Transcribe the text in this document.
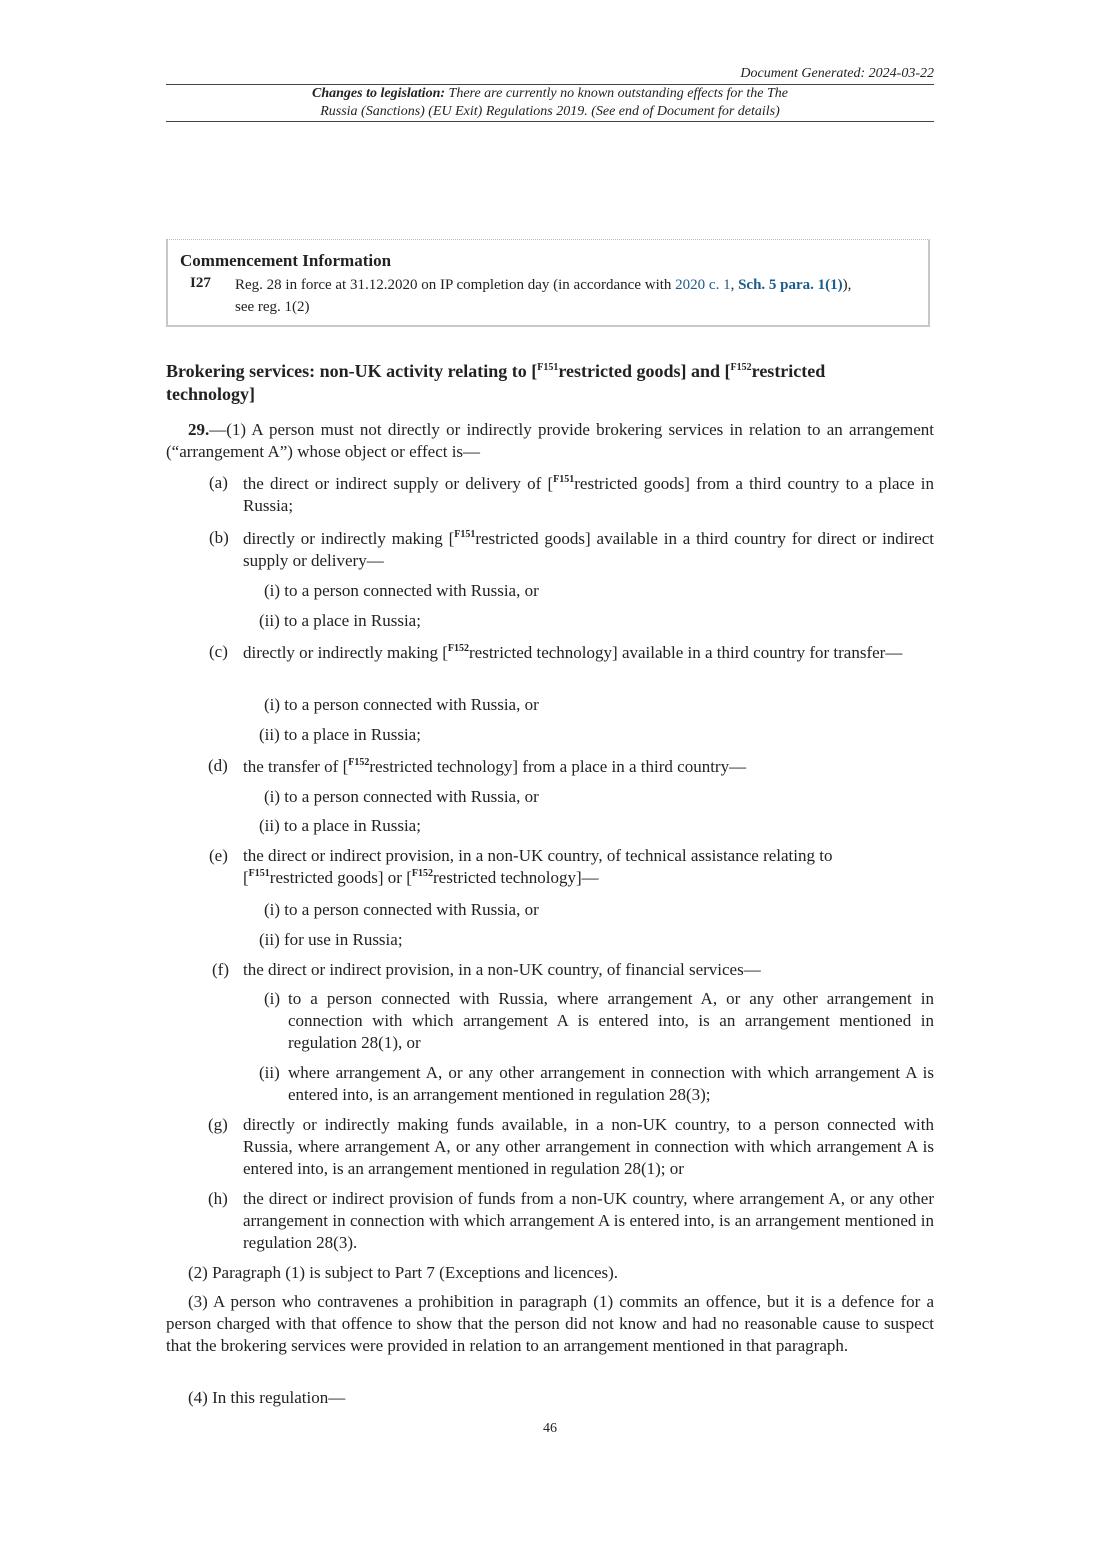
Document Generated: 2024-03-22
Changes to legislation: There are currently no known outstanding effects for the The
Russia (Sanctions) (EU Exit) Regulations 2019. (See end of Document for details)
Commencement Information
I27 Reg. 28 in force at 31.12.2020 on IP completion day (in accordance with 2020 c. 1, Sch. 5 para. 1(1)),
see reg. 1(2)
Brokering services: non-UK activity relating to [$^{F151}$restricted goods] and [$^{F152}$restricted
technology]
29.—(1) A person must not directly or indirectly provide brokering services in relation to an arrangement (“arrangement A”) whose object or effect is—
(a) the direct or indirect supply or delivery of [$^{F151}$restricted goods] from a third country to a place in Russia;
(b) directly or indirectly making [$^{F151}$restricted goods] available in a third country for direct or indirect supply or delivery—
(i) to a person connected with Russia, or
(ii) to a place in Russia;
(c) directly or indirectly making [$^{F152}$restricted technology] available in a third country for transfer—
(i) to a person connected with Russia, or
(ii) to a place in Russia;
(d) the transfer of [$^{F152}$restricted technology] from a place in a third country—
(i) to a person connected with Russia, or
(ii) to a place in Russia;
(e) the direct or indirect provision, in a non-UK country, of technical assistance relating to
[$^{F151}$restricted goods] or [$^{F152}$restricted technology]—
(i) to a person connected with Russia, or
(ii) for use in Russia;
(f) the direct or indirect provision, in a non-UK country, of financial services—
(i) to a person connected with Russia, where arrangement A, or any other arrangement in connection with which arrangement A is entered into, is an arrangement mentioned in regulation 28(1), or
(ii) where arrangement A, or any other arrangement in connection with which arrangement A is entered into, is an arrangement mentioned in regulation 28(3);
(g) directly or indirectly making funds available, in a non-UK country, to a person connected with Russia, where arrangement A, or any other arrangement in connection with which arrangement A is entered into, is an arrangement mentioned in regulation 28(1); or
(h) the direct or indirect provision of funds from a non-UK country, where arrangement A, or any other arrangement in connection with which arrangement A is entered into, is an arrangement mentioned in regulation 28(3).
(2) Paragraph (1) is subject to Part 7 (Exceptions and licences).
(3) A person who contravenes a prohibition in paragraph (1) commits an offence, but it is a defence for a person charged with that offence to show that the person did not know and had no reasonable cause to suspect that the brokering services were provided in relation to an arrangement mentioned in that paragraph.
(4) In this regulation—
46
